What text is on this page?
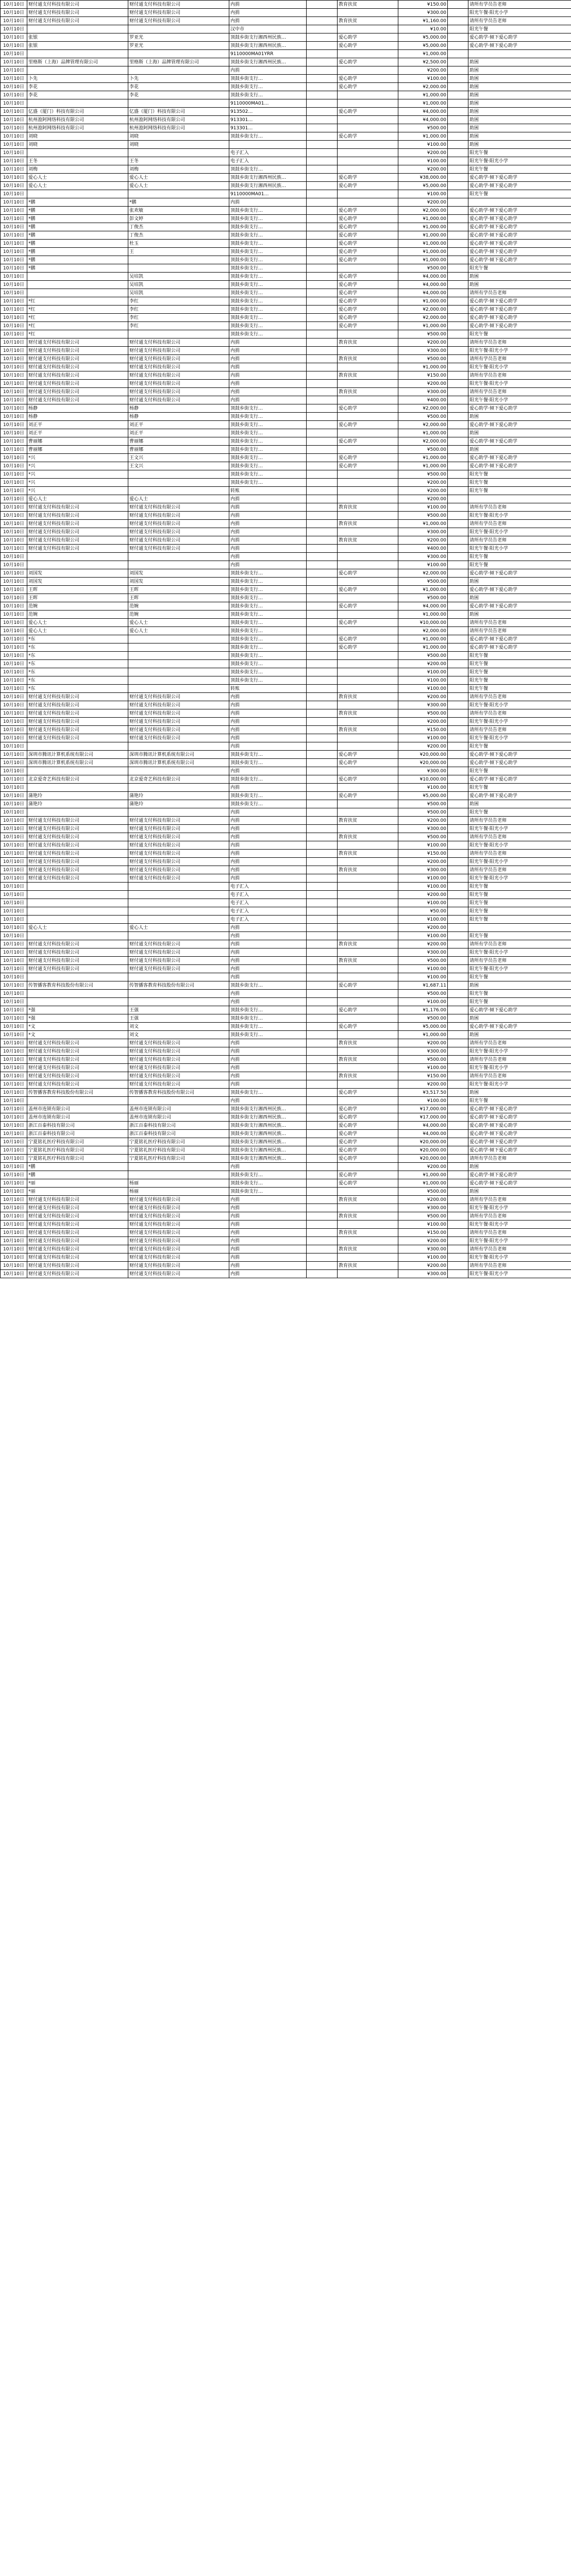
10月10日	财付通支付科技有限公司	财付通支付科技有限公司	内捐		教育扶贫	¥150.00		请所有学员告老师
10月10日	财付通支付科技有限公司	财付通支付科技有限公司	内捐			¥300.00		阳光午餐·阳光小学
10月10日	财付通支付科技有限公司	财付通支付科技有限公司	内捐		教育扶贫	¥1,160.00		请所有学员告老师
10月10日			汉中市			¥10.00		阳光午餐
10月10日	张银	罗亚光	顶鼓乡街支行湘西州民族…		爱心助学	¥5,000.00		爱心助学·倾下爱心助学
10月10日	张银	罗亚光	顶鼓乡街支行湘西州民族…		爱心助学	¥5,000.00		爱心助学·倾下爱心助学
10月10日			9110000MA01YRR			¥1,000.00		
10月10日	里格斯（上海）品牌管理有限公司	里格斯（上海）品牌管理有限公司	顶鼓乡街支行湘西州民族…		爱心助学	¥2,500.00		助困
10月10日			内捐			¥200.00		助困
10月10日	卜先	卜先	顶鼓乡街支行…		爱心助学	¥100.00		助困
10月10日	李花	李花	顶鼓乡街支行…		爱心助学	¥2,000.00		助困
10月10日	李花	李花	顶鼓乡街支行…			¥1,000.00		助困
10月10日			9110000MA01…			¥1,000.00		助困
10月10日	亿盛（厦门）科技有限公司	亿盛（厦门）科技有限公司	913502…		爱心助学	¥4,000.00		助困
10月10日	杭州盈阿网络科技有限公司	杭州盈阿网络科技有限公司	913301…			¥4,000.00		助困
10月10日	杭州盈阿网络科技有限公司	杭州盈阿网络科技有限公司	913301…			¥500.00		助困
10月10日	刘晓	刘晓	顶鼓乡街支行…		爱心助学	¥1,000.00		助困
10月10日	刘晓	刘晓				¥100.00		助困
10月10日			电子汇入			¥200.00		阳光午餐
10月10日	王冬	王冬	电子汇入			¥100.00		阳光午餐·阳光小学
10月10日	刘梅	刘梅	顶鼓乡街支行…			¥200.00		阳光午餐
10月10日	爱心人士	爱心人士	顶鼓乡街支行湘西州民族…		爱心助学	¥38,000.00		爱心助学·倾下爱心助学
10月10日	爱心人士	爱心人士	顶鼓乡街支行湘西州民族…		爱心助学	¥5,000.00		爱心助学·倾下爱心助学
10月10日			9110000MA01…			¥100.00		阳光午餐
10月10日	*鹏	*鹏	内捐			¥200.00		
10月10日	*鹏	张欢敏	顶鼓乡街支行…		爱心助学	¥2,000.00		爱心助学·倾下爱心助学
10月10日	*鹏	彭文婷	顶鼓乡街支行…		爱心助学	¥1,000.00		爱心助学·倾下爱心助学
10月10日	*鹏	丁俊杰	顶鼓乡街支行…		爱心助学	¥1,000.00		爱心助学·倾下爱心助学
10月10日	*鹏	丁俊杰	顶鼓乡街支行…		爱心助学	¥1,000.00		爱心助学·倾下爱心助学
10月10日	*鹏	杜玉	顶鼓乡街支行…		爱心助学	¥1,000.00		爱心助学·倾下爱心助学
10月10日	*鹏	王	顶鼓乡街支行…		爱心助学	¥1,000.00		爱心助学·倾下爱心助学
10月10日	*鹏		顶鼓乡街支行…		爱心助学	¥1,000.00		爱心助学·倾下爱心助学
10月10日	*鹏		顶鼓乡街支行…			¥500.00		阳光午餐
10月10日		吴培凯	顶鼓乡街支行…		爱心助学	¥4,000.00		助困
10月10日		吴培凯	顶鼓乡街支行…		爱心助学	¥4,000.00		助困
10月10日		吴培凯	顶鼓乡街支行…		爱心助学	¥4,000.00		请所有学员告老师
10月10日	*红	李红	顶鼓乡街支行…		爱心助学	¥1,000.00		爱心助学·倾下爱心助学
10月10日	*红	李红	顶鼓乡街支行…		爱心助学	¥2,000.00		爱心助学·倾下爱心助学
10月10日	*红	李红	顶鼓乡街支行…		爱心助学	¥2,000.00		爱心助学·倾下爱心助学
10月10日	*红	李红	顶鼓乡街支行…		爱心助学	¥1,000.00		爱心助学·倾下爱心助学
10月10日	*红		顶鼓乡街支行…			¥500.00		阳光午餐
10月10日	财付通支付科技有限公司	财付通支付科技有限公司	内捐		教育扶贫	¥200.00		请所有学员告老师
10月10日	财付通支付科技有限公司	财付通支付科技有限公司	内捐			¥300.00		阳光午餐·阳光小学
10月10日	财付通支付科技有限公司	财付通支付科技有限公司	内捐		教育扶贫	¥500.00		请所有学员告老师
10月10日	财付通支付科技有限公司	财付通支付科技有限公司	内捐			¥1,000.00		阳光午餐·阳光小学
10月10日	财付通支付科技有限公司	财付通支付科技有限公司	内捐		教育扶贫	¥150.00		请所有学员告老师
10月10日	财付通支付科技有限公司	财付通支付科技有限公司	内捐			¥200.00		阳光午餐·阳光小学
10月10日	财付通支付科技有限公司	财付通支付科技有限公司	内捐		教育扶贫	¥300.00		请所有学员告老师
10月10日	财付通支付科技有限公司	财付通支付科技有限公司	内捐			¥400.00		阳光午餐·阳光小学
10月10日	杨静	杨静	顶鼓乡街支行…		爱心助学	¥2,000.00		爱心助学·倾下爱心助学
10月10日	杨静	杨静	顶鼓乡街支行…			¥500.00		助困
10月10日	刘正平	刘正平	顶鼓乡街支行…		爱心助学	¥2,000.00		爱心助学·倾下爱心助学
10月10日	刘正平	刘正平	顶鼓乡街支行…			¥1,000.00		助困
10月10日	曹丽娜	曹丽娜	顶鼓乡街支行…		爱心助学	¥2,000.00		爱心助学·倾下爱心助学
10月10日	曹丽娜	曹丽娜	顶鼓乡街支行…			¥500.00		助困
10月10日	*兴	王文兴	顶鼓乡街支行…		爱心助学	¥1,000.00		爱心助学·倾下爱心助学
10月10日	*兴	王文兴	顶鼓乡街支行…		爱心助学	¥1,000.00		爱心助学·倾下爱心助学
10月10日	*兴		顶鼓乡街支行…			¥500.00		阳光午餐
10月10日	*兴		顶鼓乡街支行…			¥200.00		阳光午餐
10月10日	*兴		转账			¥200.00		阳光午餐
10月10日	爱心人士	爱心人士	内捐			¥200.00		
10月10日	财付通支付科技有限公司	财付通支付科技有限公司	内捐		教育扶贫	¥100.00		请所有学员告老师
10月10日	财付通支付科技有限公司	财付通支付科技有限公司	内捐			¥500.00		阳光午餐·阳光小学
10月10日	财付通支付科技有限公司	财付通支付科技有限公司	内捐		教育扶贫	¥1,000.00		请所有学员告老师
10月10日	财付通支付科技有限公司	财付通支付科技有限公司	内捐			¥300.00		阳光午餐·阳光小学
10月10日	财付通支付科技有限公司	财付通支付科技有限公司	内捐		教育扶贫	¥200.00		请所有学员告老师
10月10日	财付通支付科技有限公司	财付通支付科技有限公司	内捐			¥400.00		阳光午餐·阳光小学
10月10日			内捐			¥300.00		阳光午餐
10月10日			内捐			¥100.00		阳光午餐
10月10日	刘国发	刘国发	顶鼓乡街支行…		爱心助学	¥2,000.00		爱心助学·倾下爱心助学
10月10日	刘国发	刘国发	顶鼓乡街支行…			¥500.00		助困
10月10日	王晖	王晖	顶鼓乡街支行…		爱心助学	¥1,000.00		爱心助学·倾下爱心助学
10月10日	王晖	王晖	顶鼓乡街支行…			¥500.00		助困
10月10日	范婉	范婉	顶鼓乡街支行…		爱心助学	¥4,000.00		爱心助学·倾下爱心助学
10月10日	范婉	范婉	顶鼓乡街支行…			¥1,000.00		助困
10月10日	爱心人士	爱心人士	顶鼓乡街支行…		爱心助学	¥10,000.00		请所有学员告老师
10月10日	爱心人士	爱心人士	顶鼓乡街支行…			¥2,000.00		请所有学员告老师
10月10日	*东		顶鼓乡街支行…		爱心助学	¥1,000.00		爱心助学·倾下爱心助学
10月10日	*东		顶鼓乡街支行…		爱心助学	¥1,000.00		爱心助学·倾下爱心助学
10月10日	*东		顶鼓乡街支行…			¥500.00		阳光午餐
10月10日	*东		顶鼓乡街支行…			¥200.00		阳光午餐
10月10日	*东		顶鼓乡街支行…			¥100.00		阳光午餐
10月10日	*东		顶鼓乡街支行…			¥100.00		阳光午餐
10月10日	*东		转账			¥100.00		阳光午餐
10月10日	财付通支付科技有限公司	财付通支付科技有限公司	内捐		教育扶贫	¥200.00		请所有学员告老师
10月10日	财付通支付科技有限公司	财付通支付科技有限公司	内捐			¥300.00		阳光午餐·阳光小学
10月10日	财付通支付科技有限公司	财付通支付科技有限公司	内捐		教育扶贫	¥500.00		请所有学员告老师
10月10日	财付通支付科技有限公司	财付通支付科技有限公司	内捐			¥200.00		阳光午餐·阳光小学
10月10日	财付通支付科技有限公司	财付通支付科技有限公司	内捐		教育扶贫	¥150.00		请所有学员告老师
10月10日	财付通支付科技有限公司	财付通支付科技有限公司	内捐			¥100.00		阳光午餐·阳光小学
10月10日			内捐			¥200.00		阳光午餐
10月10日	深圳市腾讯计算机系统有限公司	深圳市腾讯计算机系统有限公司	顶鼓乡街支行…		爱心助学	¥20,000.00		爱心助学·倾下爱心助学
10月10日	深圳市腾讯计算机系统有限公司	深圳市腾讯计算机系统有限公司	顶鼓乡街支行…		爱心助学	¥20,000.00		爱心助学·倾下爱心助学
10月10日			内捐			¥300.00		阳光午餐
10月10日	北京爱奇艺科技有限公司	北京爱奇艺科技有限公司	顶鼓乡街支行…		爱心助学	¥10,000.00		爱心助学·倾下爱心助学
10月10日			内捐			¥100.00		阳光午餐
10月10日	蒲艳玲	蒲艳玲	顶鼓乡街支行…		爱心助学	¥5,000.00		爱心助学·倾下爱心助学
10月10日	蒲艳玲	蒲艳玲	顶鼓乡街支行…			¥500.00		助困
10月10日			内捐			¥500.00		阳光午餐
10月10日	财付通支付科技有限公司	财付通支付科技有限公司	内捐		教育扶贫	¥200.00		请所有学员告老师
10月10日	财付通支付科技有限公司	财付通支付科技有限公司	内捐			¥300.00		阳光午餐·阳光小学
10月10日	财付通支付科技有限公司	财付通支付科技有限公司	内捐		教育扶贫	¥500.00		请所有学员告老师
10月10日	财付通支付科技有限公司	财付通支付科技有限公司	内捐			¥100.00		阳光午餐·阳光小学
10月10日	财付通支付科技有限公司	财付通支付科技有限公司	内捐		教育扶贫	¥150.00		请所有学员告老师
10月10日	财付通支付科技有限公司	财付通支付科技有限公司	内捐			¥200.00		阳光午餐·阳光小学
10月10日	财付通支付科技有限公司	财付通支付科技有限公司	内捐		教育扶贫	¥300.00		请所有学员告老师
10月10日	财付通支付科技有限公司	财付通支付科技有限公司	内捐			¥100.00		阳光午餐·阳光小学
10月10日			电子汇入			¥100.00		阳光午餐
10月10日			电子汇入			¥200.00		阳光午餐
10月10日			电子汇入			¥100.00		阳光午餐
10月10日			电子汇入			¥50.00		阳光午餐
10月10日			电子汇入			¥100.00		阳光午餐
10月10日	爱心人士	爱心人士	内捐			¥200.00		
10月10日			内捐			¥100.00		阳光午餐
10月10日	财付通支付科技有限公司	财付通支付科技有限公司	内捐		教育扶贫	¥200.00		请所有学员告老师
10月10日	财付通支付科技有限公司	财付通支付科技有限公司	内捐			¥300.00		阳光午餐·阳光小学
10月10日	财付通支付科技有限公司	财付通支付科技有限公司	内捐		教育扶贫	¥500.00		请所有学员告老师
10月10日	财付通支付科技有限公司	财付通支付科技有限公司	内捐			¥100.00		阳光午餐·阳光小学
10月10日			内捐			¥100.00		阳光午餐
10月10日	传智播客教育科技股份有限公司	传智播客教育科技股份有限公司	顶鼓乡街支行…		爱心助学	¥1,687.11		助困
10月10日			内捐			¥500.00		阳光午餐
10月10日			内捐			¥100.00		阳光午餐
10月10日	*强	王强	顶鼓乡街支行…		爱心助学	¥1,176.00		爱心助学·倾下爱心助学
10月10日	*强	王强	顶鼓乡街支行…			¥500.00		助困
10月10日	*文	刘文	顶鼓乡街支行…		爱心助学	¥5,000.00		爱心助学·倾下爱心助学
10月10日	*文	刘文	顶鼓乡街支行…			¥1,000.00		助困
10月10日	财付通支付科技有限公司	财付通支付科技有限公司	内捐		教育扶贫	¥200.00		请所有学员告老师
10月10日	财付通支付科技有限公司	财付通支付科技有限公司	内捐			¥300.00		阳光午餐·阳光小学
10月10日	财付通支付科技有限公司	财付通支付科技有限公司	内捐		教育扶贫	¥500.00		请所有学员告老师
10月10日	财付通支付科技有限公司	财付通支付科技有限公司	内捐			¥100.00		阳光午餐·阳光小学
10月10日	财付通支付科技有限公司	财付通支付科技有限公司	内捐		教育扶贫	¥150.00		请所有学员告老师
10月10日	财付通支付科技有限公司	财付通支付科技有限公司	内捐			¥200.00		阳光午餐·阳光小学
10月10日	传智播客教育科技股份有限公司	传智播客教育科技股份有限公司	顶鼓乡街支行…		爱心助学	¥3,517.50		助困
10月10日			内捐			¥100.00		阳光午餐
10月10日	盖州市连锁有限公司	盖州市连锁有限公司	顶鼓乡街支行湘西州民族…		爱心助学	¥17,000.00		爱心助学·倾下爱心助学
10月10日	盖州市连锁有限公司	盖州市连锁有限公司	顶鼓乡街支行湘西州民族…		爱心助学	¥17,000.00		爱心助学·倾下爱心助学
10月10日	浙江百泰科技有限公司	浙江百泰科技有限公司	顶鼓乡街支行湘西州民族…		爱心助学	¥4,000.00		爱心助学·倾下爱心助学
10月10日	浙江百泰科技有限公司	浙江百泰科技有限公司	顶鼓乡街支行湘西州民族…		爱心助学	¥4,000.00		爱心助学·倾下爱心助学
10月10日	宁夏铭礼医疗科技有限公司	宁夏铭礼医疗科技有限公司	顶鼓乡街支行湘西州民族…		爱心助学	¥20,000.00		爱心助学·倾下爱心助学
10月10日	宁夏铭礼医疗科技有限公司	宁夏铭礼医疗科技有限公司	顶鼓乡街支行湘西州民族…		爱心助学	¥20,000.00		爱心助学·倾下爱心助学
10月10日	宁夏铭礼医疗科技有限公司	宁夏铭礼医疗科技有限公司	顶鼓乡街支行湘西州民族…		爱心助学	¥20,000.00		请所有学员告老师
10月10日	*鹏		内捐			¥200.00		助困
10月10日	*鹏		顶鼓乡街支行…		爱心助学	¥1,000.00		爱心助学·倾下爱心助学
10月10日	*丽	杨丽	顶鼓乡街支行…		爱心助学	¥1,000.00		爱心助学·倾下爱心助学
10月10日	*丽	杨丽	顶鼓乡街支行…			¥500.00		助困
10月10日	财付通支付科技有限公司	财付通支付科技有限公司	内捐		教育扶贫	¥200.00		请所有学员告老师
10月10日	财付通支付科技有限公司	财付通支付科技有限公司	内捐			¥300.00		阳光午餐·阳光小学
10月10日	财付通支付科技有限公司	财付通支付科技有限公司	内捐		教育扶贫	¥500.00		请所有学员告老师
10月10日	财付通支付科技有限公司	财付通支付科技有限公司	内捐			¥100.00		阳光午餐·阳光小学
10月10日	财付通支付科技有限公司	财付通支付科技有限公司	内捐		教育扶贫	¥150.00		请所有学员告老师
10月10日	财付通支付科技有限公司	财付通支付科技有限公司	内捐			¥200.00		阳光午餐·阳光小学
10月10日	财付通支付科技有限公司	财付通支付科技有限公司	内捐		教育扶贫	¥300.00		请所有学员告老师
10月10日	财付通支付科技有限公司	财付通支付科技有限公司	内捐			¥100.00		阳光午餐·阳光小学
10月10日	财付通支付科技有限公司	财付通支付科技有限公司	内捐		教育扶贫	¥200.00		请所有学员告老师
10月10日	财付通支付科技有限公司	财付通支付科技有限公司	内捐			¥300.00		阳光午餐·阳光小学
